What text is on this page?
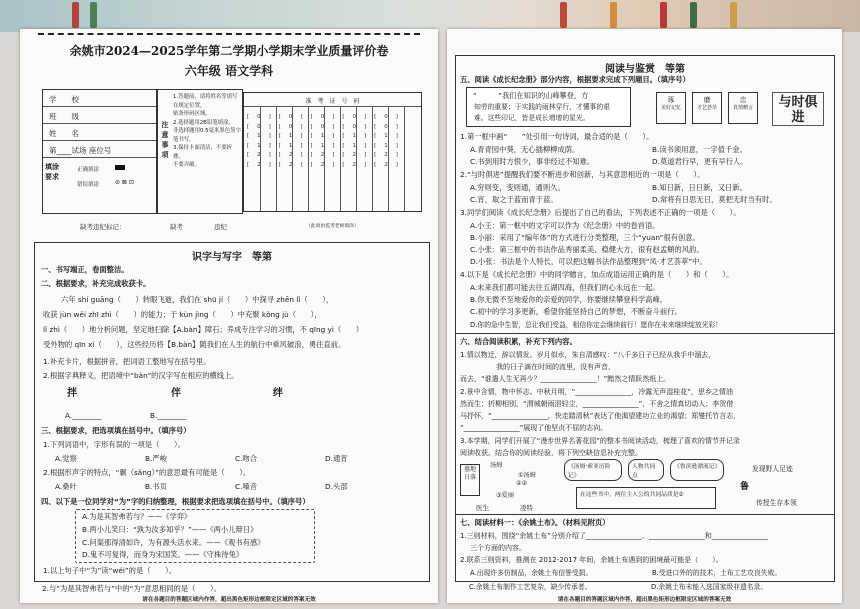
余姚市2024—2025学年第二学期小学期末学业质量评价卷
六年级 语文学科
学　　校
班　　级
姓　　名
第____试场 座位号
填涂要求
正确填涂
错误填涂	⊘ ⊠ ⊡
注意事项
1.答题前，请将姓名等填写在规定位置，
贴条形码区域。
2.选择题用2B铅笔填涂，
非选择题用0.5毫米黑色签字笔书写。
3.保持卡面清洁，不要折叠、
不要弄破。
准　考　证　号　码
[0][0][0][0][0][0][0][0][0][0] [1][1][1][1][1][1][1][1][1][1] [2][2][2][2][2][2][2][2][2][2]
缺考违纪标记：	缺考	违纪	（此项由监考老师填涂）
识字与写字　等第
一、书写端正，卷面整洁。
二、根据要求，补充完成收获卡。
六年 shí guāng（　　）转眼飞逝，我们在 shū jí（　　）中探寻 zhēn lǐ（　　），
收获 jùn wěi zhī zhì（　　）的能力；于 kùn jìng（　　）中充聚 kǒng jù（　　），
lǐ zhì（　　）地分析问题，坚定地扫除【A.bàn】障石；养成专注学习的习惯，不 qīng yì（　　）
受外物的 qīn xí（　　），这些经历将【B.bàn】随我们在人生的航行中乘风破浪，勇往直前。
1.补充卡片，根据拼音，把词语工整地写在括号里。
2.根据字典释义，把语境中“bàn”的汉字写在相应的横线上。
拌	伴	绊
A.________	B.________
三、根据要求，把选项填在括号中。（填序号）
1.下列词语中，字形有误的一项是（　　）。
A.觉察	B.严峻	C.吻合	D.通宵
2.根据形声字的特点，“颡（sǎng）”的意思最有可能是（　　）。
A.桑叶	B.书页	C.嗓音	D.头部
四、以下是一位同学对“为”字的归纳整理，根据要求把选项填在括号中。（填序号）
A.为是其智弗若与？——《学弈》
B.两小儿笑曰：“孰为汝多知乎？”——《两小儿辩日》
C.问渠那得清如许，为有源头活水来。——《观书有感》
D.鬼不可复得，而身为宋国笑。——《守株待兔》
1.以上句子中“为”读“wéi”的是（　　）。
2.与“为是其智弗若与”中的“为”意思相同的是（　　）。
请在各题目的答题区域内作答，超出黑色矩形边框限定区域的答案无效
阅读与鉴赏　等第
五、阅读《成长纪念册》部分内容，根据要求完成下列题目。（填序号）
“　　　”我们在知识的山峰攀登，方
知劳的重要；于实践的雨林穿行，才懂事的艰
难。这些印记，皆是成长增增的星光。
琢
美好记忆
磨
才艺荟萃
忠
真情赠言	与时俱进
1.第一框中画“　　”处引用一句诗词，最合适的是（　　）。
A.青青园中葵，无心插柳柳成荫。	B.读书须用意，一字值千金。
C.书到用时方恨少，事非经过不知难。	D.莫道君行早，更有早行人。
2.“与时俱进”提醒我们要不断进步和创新，与其意思相近的一项是（　　）。
A.穷则变，变则通，通则久。	B.知日新，日日新，又日新。
C.宵，取之于蓝而青于蓝。	D.常将有日思无日，莫把无时当有时。
3.同学们阅读《成长纪念册》后提出了自己的看法，下列表述不正确的一项是（　　）。
A.小王：第一框中的文字可以作为《纪念册》中的卷首语。
B.小丽：采用了“编年体”的方式进行分类整理，三个“yuan”很有创意。
C.小张：第三框中的书法作品秀丽柔美、稳健大方，很有赵孟頫的风韵。
D.小张：书法是个人特长，可以把这幅书法作品整理到“凤·才艺荟萃”中。
4.以下是《成长纪念册》中的同学赠言，加点成语运用正确的是（　　）和（　　）。
A.未来我们都可能去往五湖四海，但我们的心永远在一起。
B.你无微不至地爱你的亲爱的同学，你要继续攀登科学高峰。
C.初中的学习多更新，希望你能坚持自己的梦想，不断奋斗前行。
D.你的急中生智，总让我们受益，相信你定会继续前行！愿你在未来继续绽放光彩！
六、结合阅读积累，补充下列内容。
1.情以物迁，辞以情发。岁月似水，朱自清感叹：“八千多日子已经从我手中溜去，
我的日子滴在时间的流里，没有声音，
而去，“谁遣人生无再少？________________！”黯然之情跃然纸上。
2.景中含情，物中怀志。中秋月明，“________________，冷露无声湿桂花”，思乡之情油
然而生；折柳相别，“渭城朝雨浥轻尘，________________”，不舍之情真切动人；李贺借
马抒怀，“________________，快走踏清秋”表达了他渴望建功立业的渴望；郑燮托竹言志，
“________________”展现了他坚贞不屈的志向。
3.本学期，同学们开展了“漫步世界名著花园”的整本书阅读活动，梳理了喜欢的情节并记录
阅读收获。结合你的阅读经验，将下列空缺信息补充完整。
墓地日落
汤姆
①汤姆
②②
③爱丽
《汤姆·索亚历险记》
人物共同点
《鲁滨逊漂流记》
在这些书中，两位主人公的共同品质是②
发现野人足迹
传授生存本领
医生	凌特
鲁
七、阅读材料一：《余姚土布》。（材料见附页）
1.三则材料，围绕“余姚土布”分别介绍了________________、________________和________________
三个方面的内容。
2.联系三则资料，推测在 2012-2017 年间，余姚土布遇到的困境最可能是（　　）。
A.出现许多仿制品，余姚土布信誉受损。	B.受进口外的的技术，土布工艺攻良失败。
C.余姚土布制作工艺复杂，缺少传承者。	D.余姚土布未能入选国家级非遗名录。
请在各题目的答题区域内作答，超出黑色矩形边框限定区域的答案无效
